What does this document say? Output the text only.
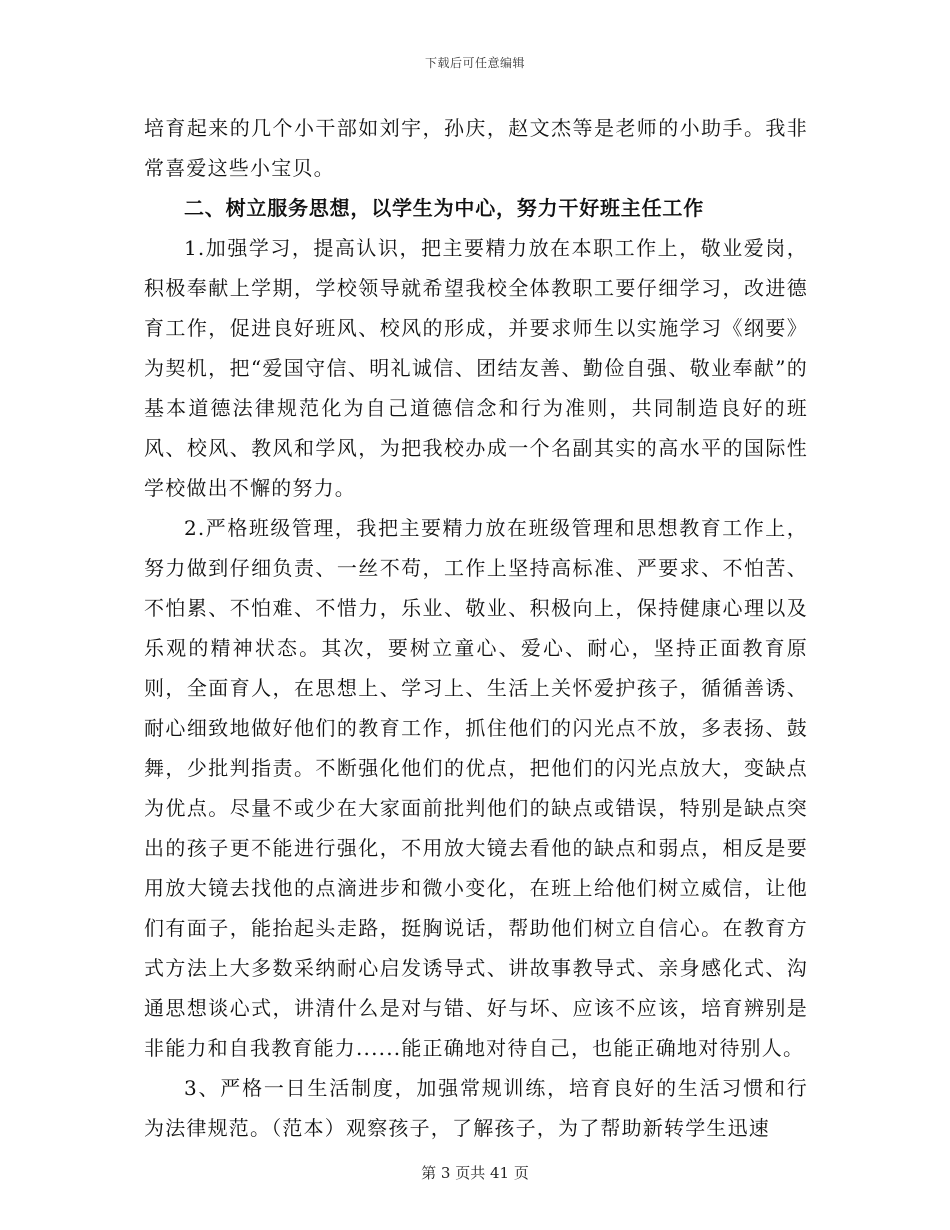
下载后可任意编辑

培育起来的几个小干部如刘宇，孙庆，赵文杰等是老师的小助手。我非常喜爱这些小宝贝。

二、树立服务思想，以学生为中心，努力干好班主任工作

1.加强学习，提高认识，把主要精力放在本职工作上，敬业爱岗，积极奉献上学期，学校领导就希望我校全体教职工要仔细学习，改进德育工作，促进良好班风、校风的形成，并要求师生以实施学习《纲要》为契机，把“爱国守信、明礼诚信、团结友善、勤俭自强、敬业奉献”的基本道德法律规范化为自己道德信念和行为准则，共同制造良好的班风、校风、教风和学风，为把我校办成一个名副其实的高水平的国际性学校做出不懈的努力。

2.严格班级管理，我把主要精力放在班级管理和思想教育工作上，努力做到仔细负责、一丝不苟，工作上坚持高标准、严要求、不怕苦、不怕累、不怕难、不惜力，乐业、敬业、积极向上，保持健康心理以及乐观的精神状态。其次，要树立童心、爱心、耐心，坚持正面教育原则，全面育人，在思想上、学习上、生活上关怀爱护孩子，循循善诱、耐心细致地做好他们的教育工作，抓住他们的闪光点不放，多表扬、鼓舞，少批判指责。不断强化他们的优点，把他们的闪光点放大，变缺点为优点。尽量不或少在大家面前批判他们的缺点或错误，特别是缺点突出的孩子更不能进行强化，不用放大镜去看他的缺点和弱点，相反是要用放大镜去找他的点滴进步和微小变化，在班上给他们树立威信，让他们有面子，能抬起头走路，挺胸说话，帮助他们树立自信心。在教育方式方法上大多数采纳耐心启发诱导式、讲故事教导式、亲身感化式、沟通思想谈心式，讲清什么是对与错、好与坏、应该不应该，培育辨别是非能力和自我教育能力......能正确地对待自己，也能正确地对待别人。

3、严格一日生活制度，加强常规训练，培育良好的生活习惯和行为法律规范。（范本）观察孩子，了解孩子，为了帮助新转学生迅速

第 3 页共 41 页
